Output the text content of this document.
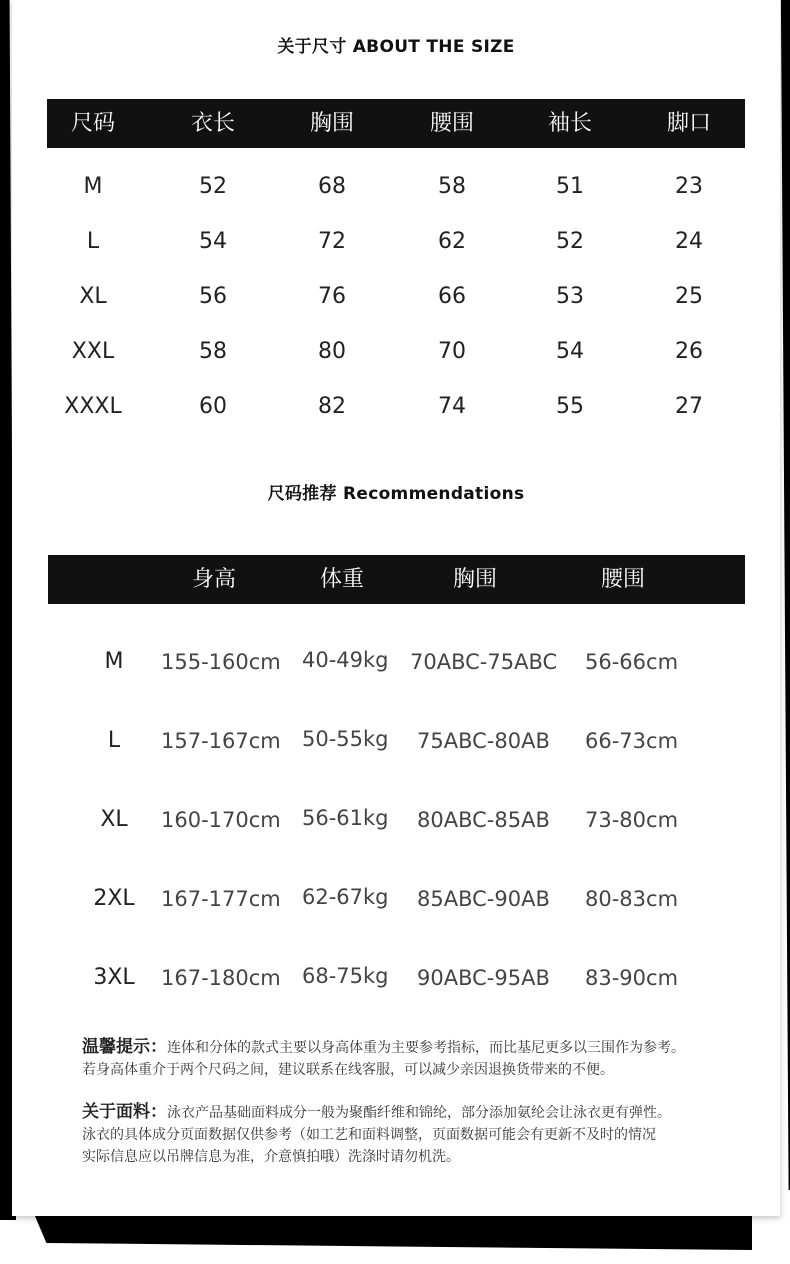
关于尺寸 ABOUT THE SIZE
尺码	衣长	胸围	腰围	袖长	脚口
M	52	68	58	51	23
L	54	72	62	52	24
XL	56	76	66	53	25
XXL	58	80	70	54	26
XXXL	60	82	74	55	27
尺码推荐 Recommendations
身高	体重	胸围	腰围
M	155-160cm 40-49kg 70ABC-75ABC 56-66cm
L	157-167cm 50-55kg 75ABC-80AB 66-73cm
XL	160-170cm 56-61kg 80ABC-85AB 73-80cm
2XL	167-177cm 62-67kg 85ABC-90AB 80-83cm
3XL	167-180cm 68-75kg 90ABC-95AB 83-90cm
温馨提示：连体和分体的款式主要以身高体重为主要参考指标，而比基尼更多以三围作为参考。
若身高体重介于两个尺码之间，建议联系在线客服，可以减少亲因退换货带来的不便。
关于面料：泳衣产品基础面料成分一般为聚酯纤维和锦纶，部分添加氨纶会让泳衣更有弹性。
泳衣的具体成分页面数据仅供参考（如工艺和面料调整，页面数据可能会有更新不及时的情况
实际信息应以吊牌信息为准，介意慎拍哦）洗涤时请勿机洗。
